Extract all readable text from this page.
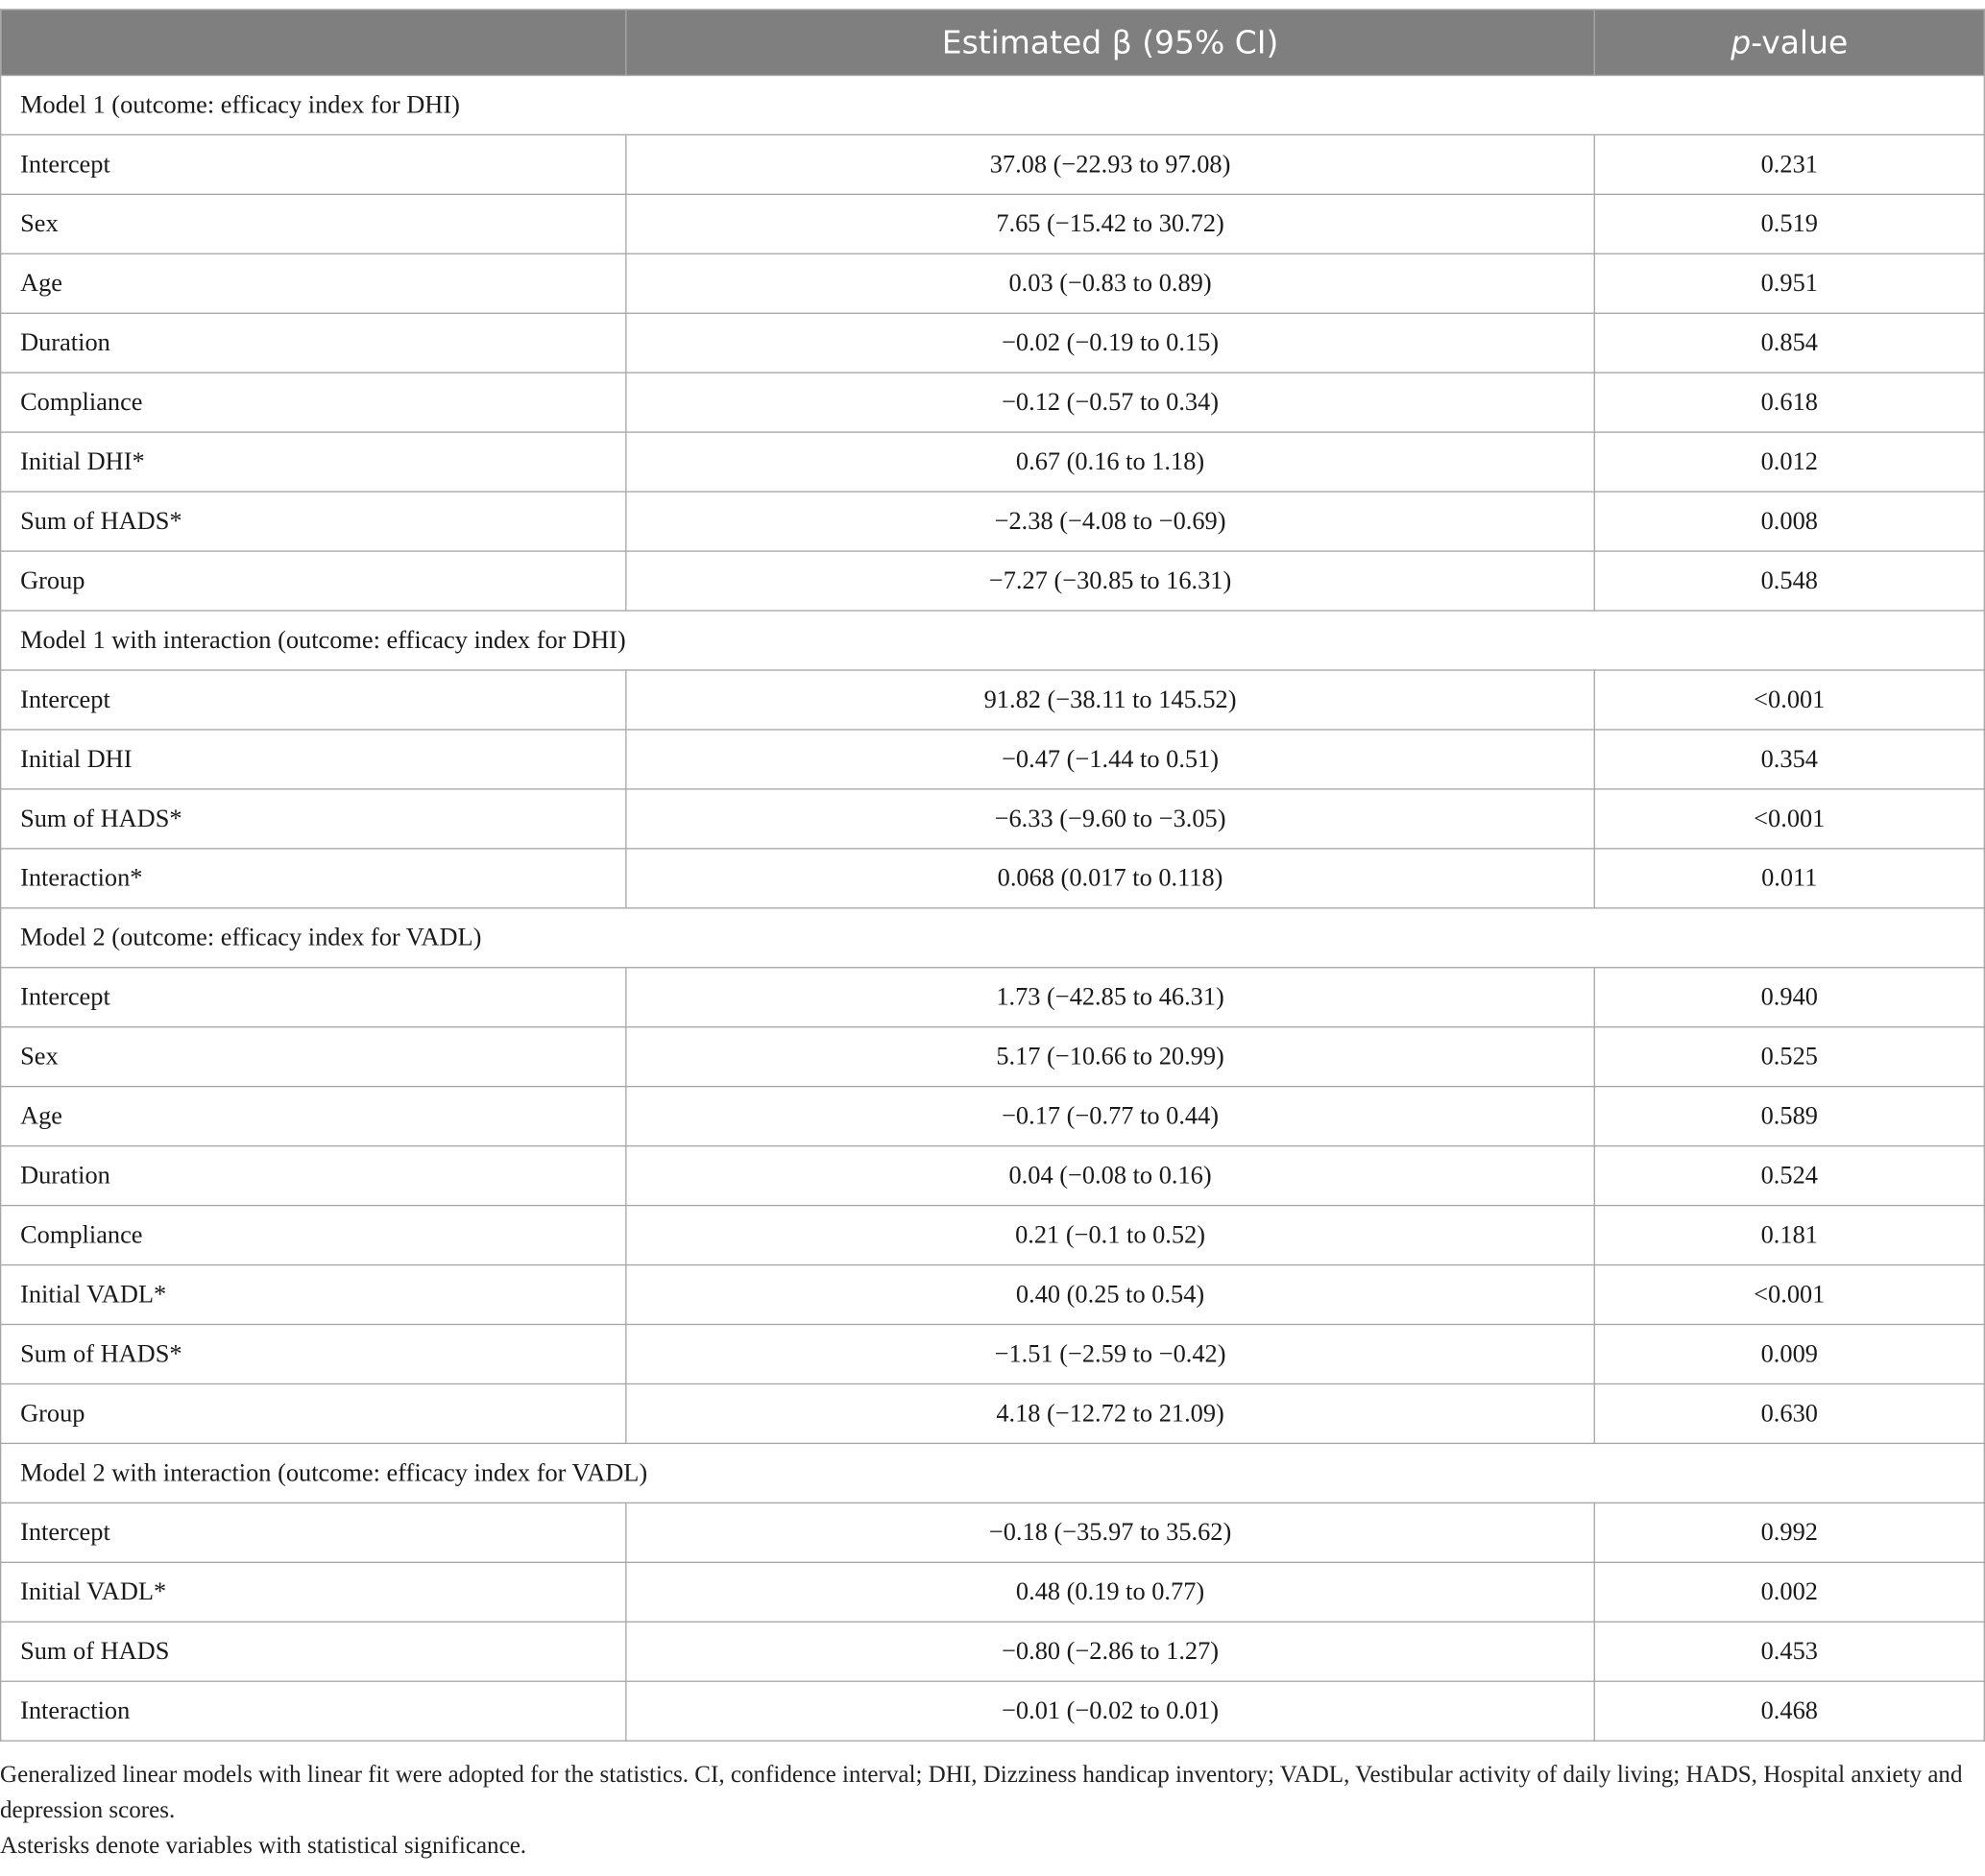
	Estimated β (95% CI)	p-value
Model 1 (outcome: efficacy index for DHI)		
Intercept	37.08 (−22.93 to 97.08)	0.231
Sex	7.65 (−15.42 to 30.72)	0.519
Age	0.03 (−0.83 to 0.89)	0.951
Duration	−0.02 (−0.19 to 0.15)	0.854
Compliance	−0.12 (−0.57 to 0.34)	0.618
Initial DHI*	0.67 (0.16 to 1.18)	0.012
Sum of HADS*	−2.38 (−4.08 to −0.69)	0.008
Group	−7.27 (−30.85 to 16.31)	0.548
Model 1 with interaction (outcome: efficacy index for DHI)		
Intercept	91.82 (−38.11 to 145.52)	<0.001
Initial DHI	−0.47 (−1.44 to 0.51)	0.354
Sum of HADS*	−6.33 (−9.60 to −3.05)	<0.001
Interaction*	0.068 (0.017 to 0.118)	0.011
Model 2 (outcome: efficacy index for VADL)		
Intercept	1.73 (−42.85 to 46.31)	0.940
Sex	5.17 (−10.66 to 20.99)	0.525
Age	−0.17 (−0.77 to 0.44)	0.589
Duration	0.04 (−0.08 to 0.16)	0.524
Compliance	0.21 (−0.1 to 0.52)	0.181
Initial VADL*	0.40 (0.25 to 0.54)	<0.001
Sum of HADS*	−1.51 (−2.59 to −0.42)	0.009
Group	4.18 (−12.72 to 21.09)	0.630
Model 2 with interaction (outcome: efficacy index for VADL)		
Intercept	−0.18 (−35.97 to 35.62)	0.992
Initial VADL*	0.48 (0.19 to 0.77)	0.002
Sum of HADS	−0.80 (−2.86 to 1.27)	0.453
Interaction	−0.01 (−0.02 to 0.01)	0.468

Generalized linear models with linear fit were adopted for the statistics. CI, confidence interval; DHI, Dizziness handicap inventory; VADL, Vestibular activity of daily living; HADS, Hospital anxiety and depression scores.

Asterisks denote variables with statistical significance.
